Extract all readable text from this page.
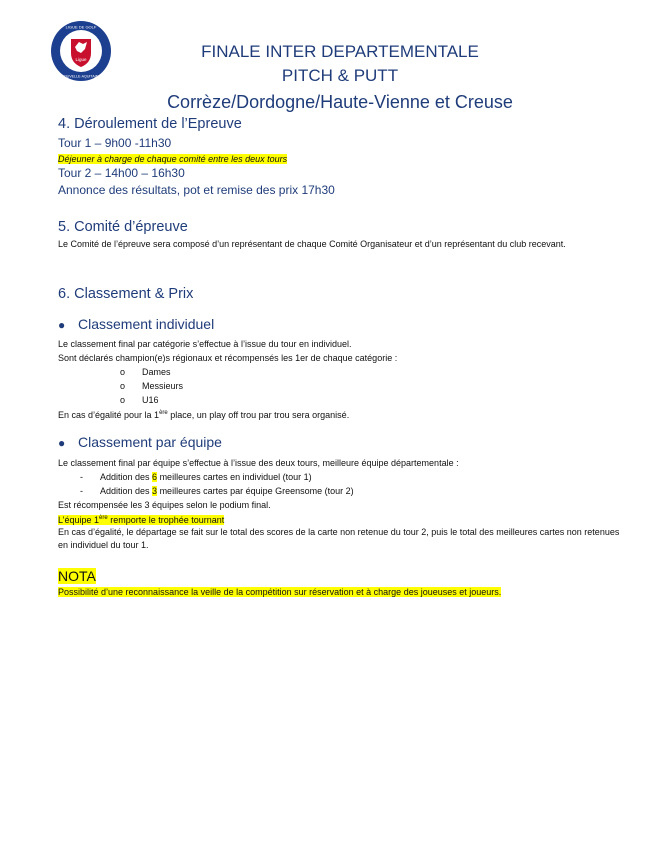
Ligue
LIGUE DE GOLF
NOUVELLE-AQUITAINE
FINALE INTER DEPARTEMENTALE
PITCH & PUTT
Corrèze/Dordogne/Haute-Vienne et Creuse
4. Déroulement de l’Epreuve
Tour 1 – 9h00 -11h30
Déjeuner à charge de chaque comité entre les deux tours
Tour 2 – 14h00 – 16h30
Annonce des résultats, pot et remise des prix 17h30
5. Comité d’épreuve
Le Comité de l’épreuve sera composé d’un représentant de chaque Comité Organisateur et d’un représentant du club recevant.
6. Classement & Prix
● Classement individuel
Le classement final par catégorie s’effectue à l’issue du tour en individuel.
Sont déclarés champion(e)s régionaux et récompensés les 1er de chaque catégorie :
o Dames
o Messieurs
o U16
En cas d’égalité pour la 1ère place, un play off trou par trou sera organisé.
● Classement par équipe
Le classement final par équipe s’effectue à l’issue des deux tours, meilleure équipe départementale :
- Addition des 6 meilleures cartes en individuel (tour 1)
- Addition des 3 meilleures cartes par équipe Greensome (tour 2)
Est récompensée les 3 équipes selon le podium final.
L’équipe 1ère remporte le trophée tournant
En cas d’égalité, le départage se fait sur le total des scores de la carte non retenue du tour 2, puis le total des meilleures cartes non retenues en individuel du tour 1.
NOTA
Possibilité d’une reconnaissance la veille de la compétition sur réservation et à charge des joueuses et joueurs.
